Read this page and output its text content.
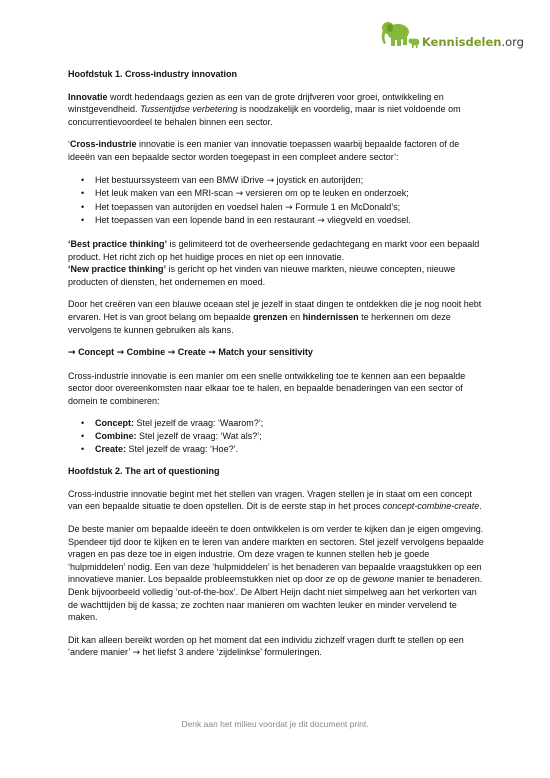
Kennisdelen.org

Hoofdstuk 1. Cross-industry innovation

Innovatie wordt hedendaags gezien as een van de grote drijfveren voor groei, ontwikkeling en winstgevendheid. Tussentijdse verbetering is noodzakelijk en voordelig, maar is niet voldoende om concurrentievoordeel te behalen binnen een sector.

‘Cross-industrie innovatie is een manier van innovatie toepassen waarbij bepaalde factoren of de ideeën van een bepaalde sector worden toegepast in een compleet andere sector’:

• Het bestuurssysteem van een BMW iDrive → joystick en autorijden;
• Het leuk maken van een MRI-scan → versieren om op te leuken en onderzoek;
• Het toepassen van autorijden en voedsel halen → Formule 1 en McDonald’s;
• Het toepassen van een lopende band in een restaurant → vliegveld en voedsel.

‘Best practice thinking’ is gelimiteerd tot de overheersende gedachtegang en markt voor een bepaald product. Het richt zich op het huidige proces en niet op een innovatie.
‘New practice thinking’ is gericht op het vinden van nieuwe markten, nieuwe concepten, nieuwe producten of diensten, het ondernemen en moed.

Door het creëren van een blauwe oceaan stel je jezelf in staat dingen te ontdekken die je nog nooit hebt ervaren. Het is van groot belang om bepaalde grenzen en hindernissen te herkennen om deze vervolgens te kunnen gebruiken als kans.

→ Concept → Combine → Create → Match your sensitivity

Cross-industrie innovatie is een manier om een snelle ontwikkeling toe te kennen aan een bepaalde sector door overeenkomsten naar elkaar toe te halen, en bepaalde benaderingen van een sector of domein te combineren:

• Concept: Stel jezelf de vraag: ‘Waarom?’;
• Combine: Stel jezelf de vraag: ‘Wat als?’;
• Create: Stel jezelf de vraag: ‘Hoe?’.

Hoofdstuk 2. The art of questioning

Cross-industrie innovatie begint met het stellen van vragen. Vragen stellen je in staat om een concept van een bepaalde situatie te doen opstellen. Dit is de eerste stap in het proces concept-combine-create.

De beste manier om bepaalde ideeën te doen ontwikkelen is om verder te kijken dan je eigen omgeving. Spendeer tijd door te kijken en te leren van andere markten en sectoren. Stel jezelf vervolgens bepaalde vragen en pas deze toe in eigen industrie. Om deze vragen te kunnen stellen heb je goede ‘hulpmiddelen’ nodig. Een van deze ‘hulpmiddelen’ is het benaderen van bepaalde vraagstukken op een innovatieve manier. Los bepaalde probleemstukken niet op door ze op de gewone manier te benaderen. Denk bijvoorbeeld volledig ‘out-of-the-box’. De Albert Heijn dacht niet simpelweg aan het verkorten van de wachttijden bij de kassa; ze zochten naar manieren om wachten leuker en minder vervelend te maken.

Dit kan alleen bereikt worden op het moment dat een individu zichzelf vragen durft te stellen op een ‘andere manier’ → het liefst 3 andere ‘zijdelinkse’ formuleringen.

Denk aan het milieu voordat je dit document print.
